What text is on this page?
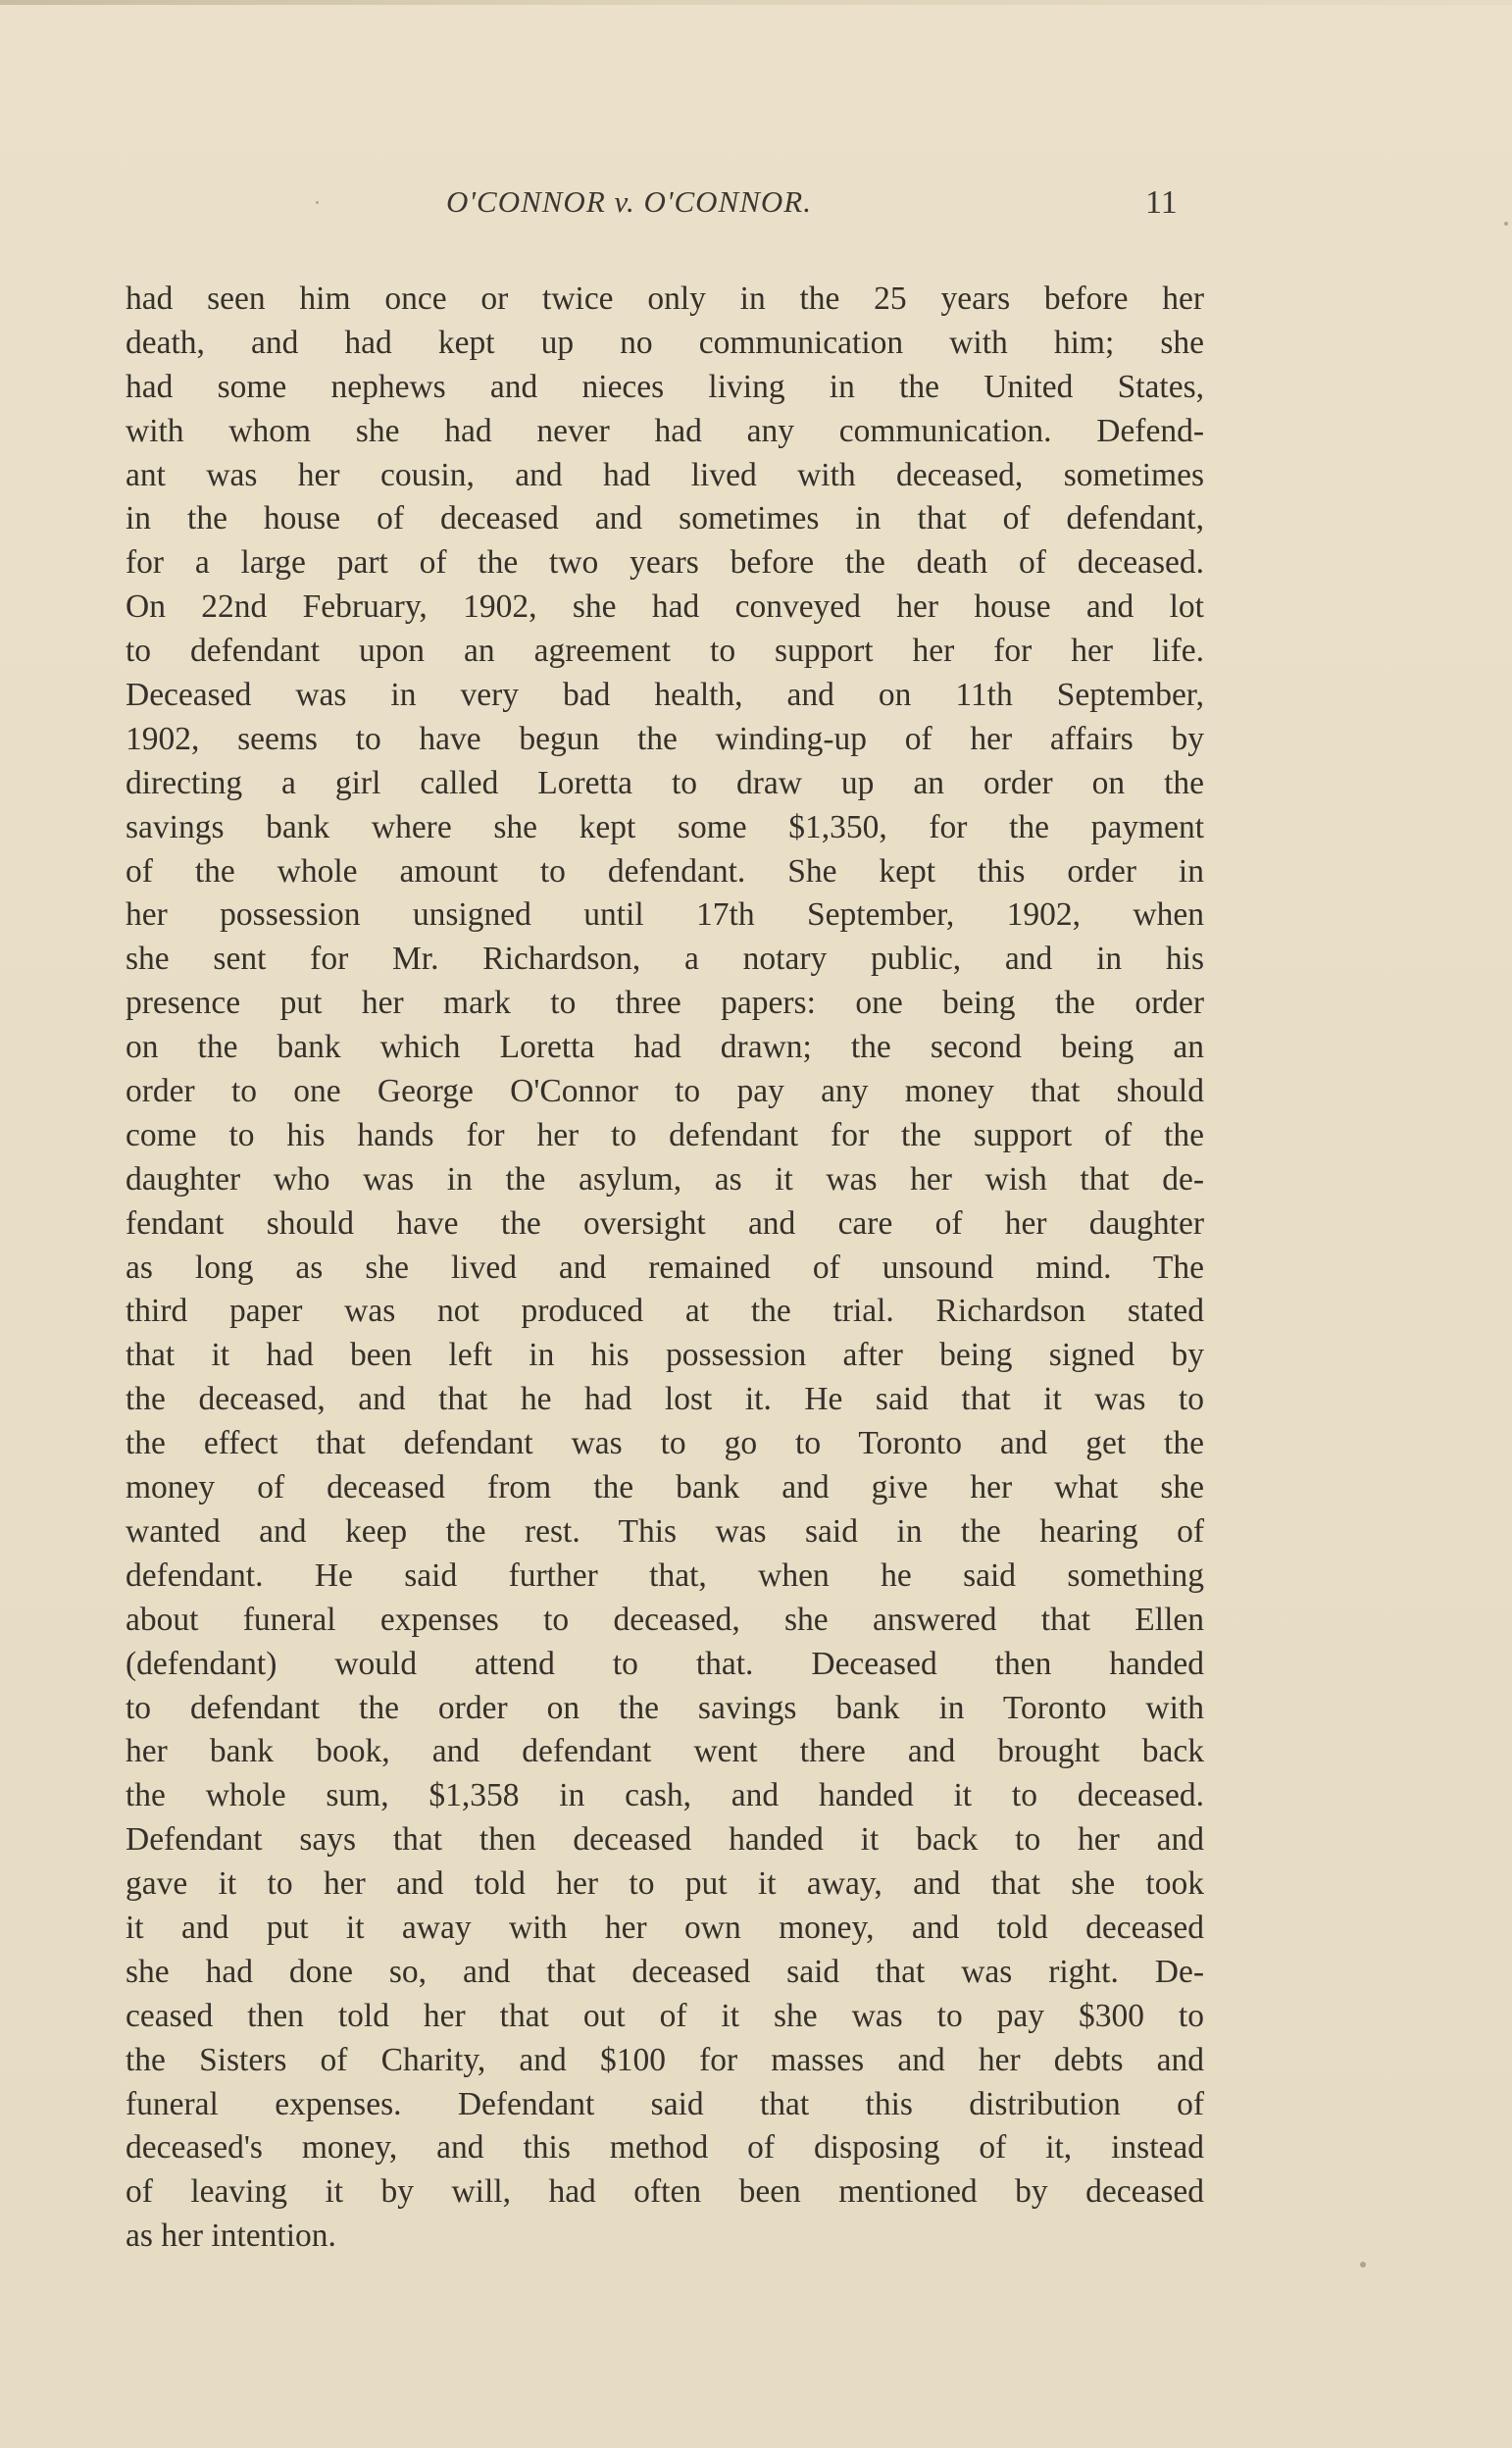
O'CONNOR v. O'CONNOR.	11
had seen him once or twice only in the 25 years before her
death, and had kept up no communication with him; she
had some nephews and nieces living in the United States,
with whom she had never had any communication. Defend-
ant was her cousin, and had lived with deceased, sometimes
in the house of deceased and sometimes in that of defendant,
for a large part of the two years before the death of deceased.
On 22nd February, 1902, she had conveyed her house and lot
to defendant upon an agreement to support her for her life.
Deceased was in very bad health, and on 11th September,
1902, seems to have begun the winding-up of her affairs by
directing a girl called Loretta to draw up an order on the
savings bank where she kept some $1,350, for the payment
of the whole amount to defendant. She kept this order in
her possession unsigned until 17th September, 1902, when
she sent for Mr. Richardson, a notary public, and in his
presence put her mark to three papers: one being the order
on the bank which Loretta had drawn; the second being an
order to one George O'Connor to pay any money that should
come to his hands for her to defendant for the support of the
daughter who was in the asylum, as it was her wish that de-
fendant should have the oversight and care of her daughter
as long as she lived and remained of unsound mind. The
third paper was not produced at the trial. Richardson stated
that it had been left in his possession after being signed by
the deceased, and that he had lost it. He said that it was to
the effect that defendant was to go to Toronto and get the
money of deceased from the bank and give her what she
wanted and keep the rest. This was said in the hearing of
defendant. He said further that, when he said something
about funeral expenses to deceased, she answered that Ellen
(defendant) would attend to that. Deceased then handed
to defendant the order on the savings bank in Toronto with
her bank book, and defendant went there and brought back
the whole sum, $1,358 in cash, and handed it to deceased.
Defendant says that then deceased handed it back to her and
gave it to her and told her to put it away, and that she took
it and put it away with her own money, and told deceased
she had done so, and that deceased said that was right. De-
ceased then told her that out of it she was to pay $300 to
the Sisters of Charity, and $100 for masses and her debts and
funeral expenses. Defendant said that this distribution of
deceased's money, and this method of disposing of it, instead
of leaving it by will, had often been mentioned by deceased
as her intention.
